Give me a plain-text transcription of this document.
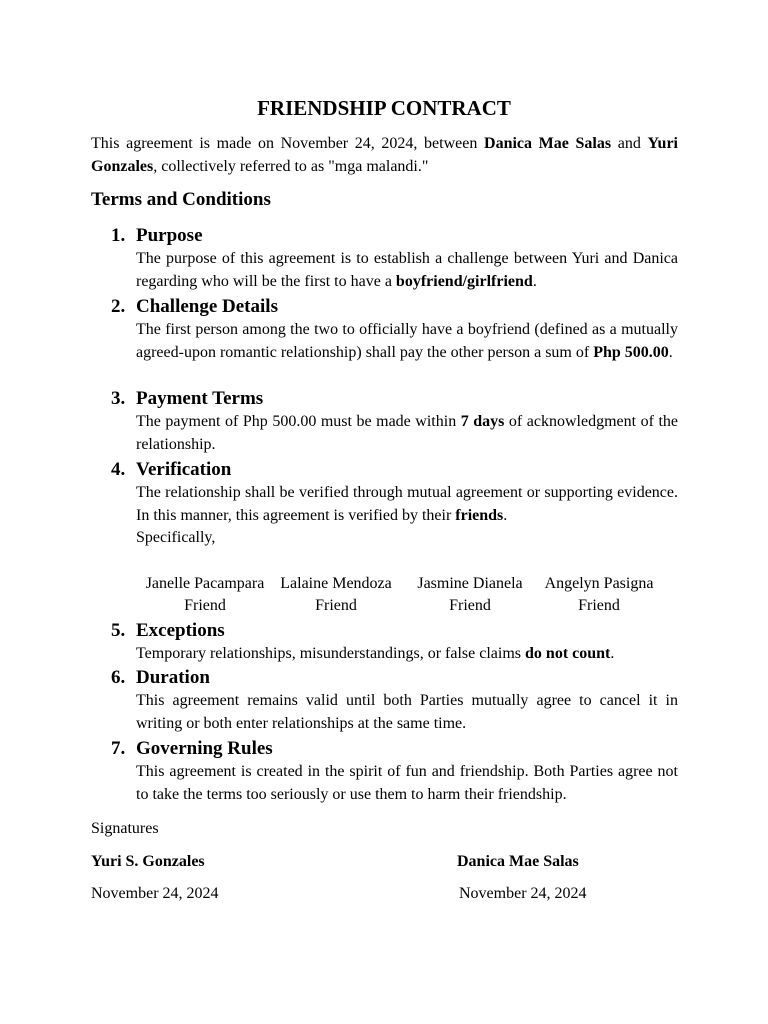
FRIENDSHIP CONTRACT
This agreement is made on November 24, 2024, between Danica Mae Salas and Yuri Gonzales, collectively referred to as "mga malandi."
Terms and Conditions
1. Purpose
The purpose of this agreement is to establish a challenge between Yuri and Danica regarding who will be the first to have a boyfriend/girlfriend.
2. Challenge Details
The first person among the two to officially have a boyfriend (defined as a mutually agreed-upon romantic relationship) shall pay the other person a sum of Php 500.00.
3. Payment Terms
The payment of Php 500.00 must be made within 7 days of acknowledgment of the relationship.
4. Verification
The relationship shall be verified through mutual agreement or supporting evidence. In this manner, this agreement is verified by their friends.
Specifically,
Janelle Pacampara
Friend
Lalaine Mendoza
Friend
Jasmine Dianela
Friend
Angelyn Pasigna
Friend
5. Exceptions
Temporary relationships, misunderstandings, or false claims do not count.
6. Duration
This agreement remains valid until both Parties mutually agree to cancel it in writing or both enter relationships at the same time.
7. Governing Rules
This agreement is created in the spirit of fun and friendship. Both Parties agree not to take the terms too seriously or use them to harm their friendship.
Signatures
Yuri S. Gonzales	Danica Mae Salas
November 24, 2024	November 24, 2024
